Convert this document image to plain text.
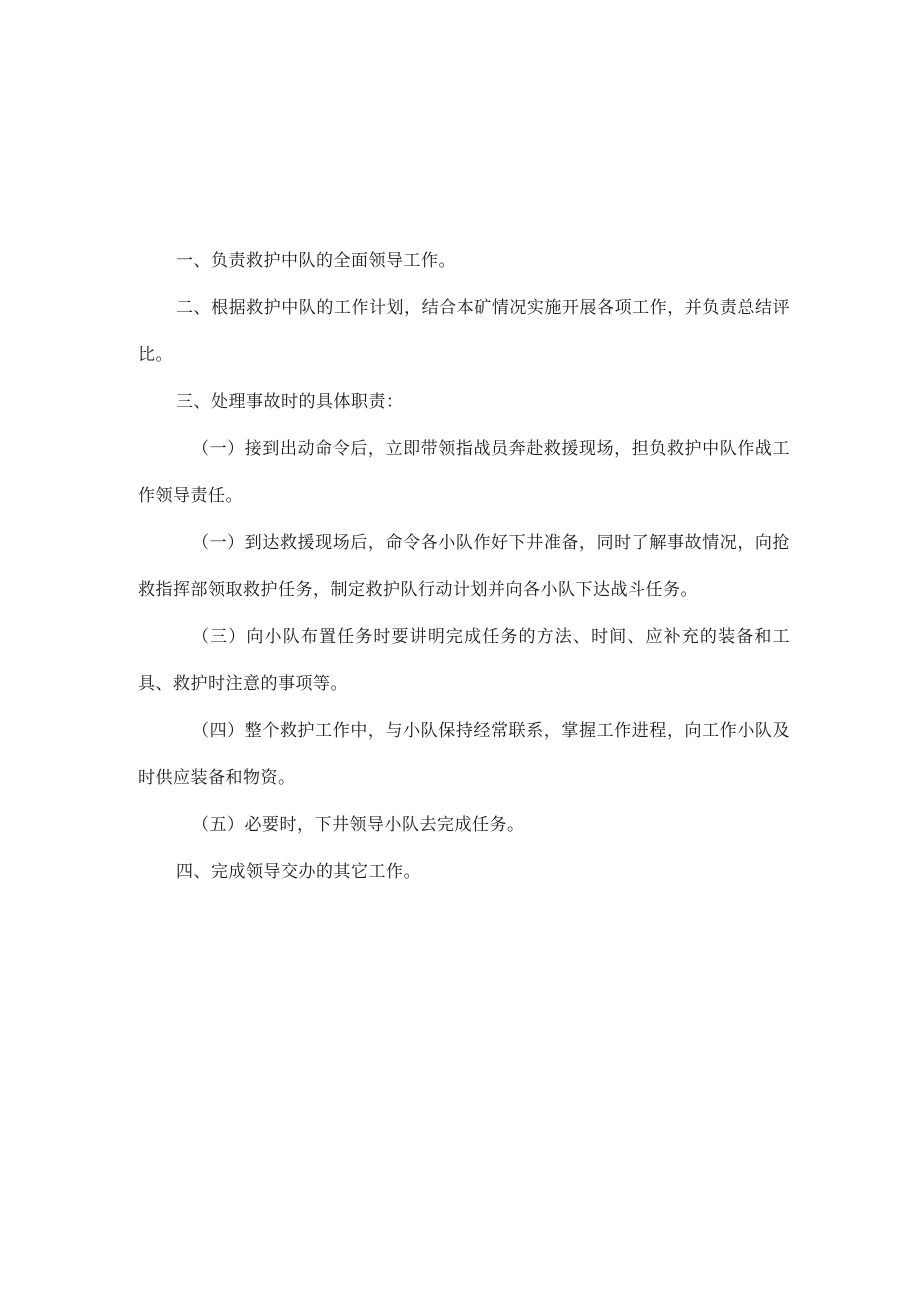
一、负责救护中队的全面领导工作。

二、根据救护中队的工作计划，结合本矿情况实施开展各项工作，并负责总结评比。

三、处理事故时的具体职责：

（一）接到出动命令后，立即带领指战员奔赴救援现场，担负救护中队作战工作领导责任。

（一）到达救援现场后，命令各小队作好下井准备，同时了解事故情况，向抢救指挥部领取救护任务，制定救护队行动计划并向各小队下达战斗任务。

（三）向小队布置任务时要讲明完成任务的方法、时间、应补充的装备和工具、救护时注意的事项等。

（四）整个救护工作中，与小队保持经常联系，掌握工作进程，向工作小队及时供应装备和物资。

（五）必要时，下井领导小队去完成任务。

四、完成领导交办的其它工作。
